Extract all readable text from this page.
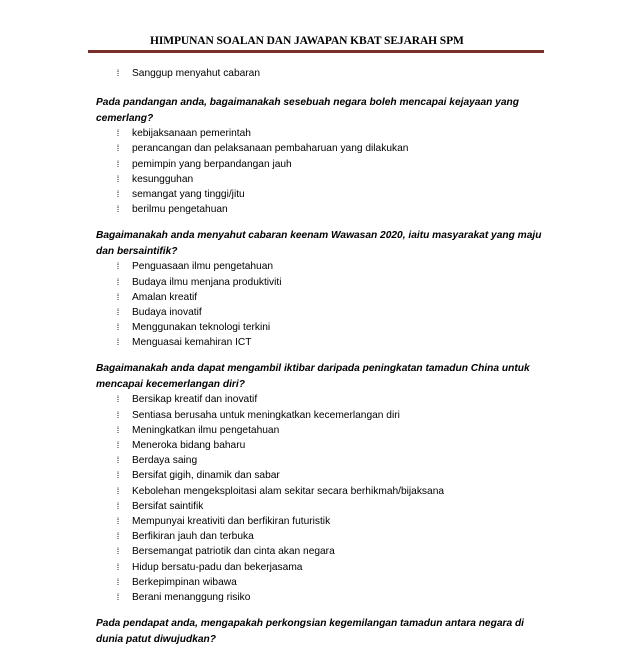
HIMPUNAN SOALAN DAN JAWAPAN KBAT SEJARAH SPM
⁞ Sanggup menyahut cabaran

Pada pandangan anda, bagaimanakah sesebuah negara boleh mencapai kejayaan yang cemerlang?

⁞ kebijaksanaan pemerintah
⁞ perancangan dan pelaksanaan pembaharuan yang dilakukan
⁞ pemimpin yang berpandangan jauh
⁞ kesungguhan
⁞ semangat yang tinggi/jitu
⁞ berilmu pengetahuan

Bagaimanakah anda menyahut cabaran keenam Wawasan 2020, iaitu masyarakat yang maju dan bersaintifik?

⁞ Penguasaan ilmu pengetahuan
⁞ Budaya ilmu menjana produktiviti
⁞ Amalan kreatif
⁞ Budaya inovatif
⁞ Menggunakan teknologi terkini
⁞ Menguasai kemahiran ICT

Bagaimanakah anda dapat mengambil iktibar daripada peningkatan tamadun China untuk mencapai kecemerlangan diri?

⁞ Bersikap kreatif dan inovatif
⁞ Sentiasa berusaha untuk meningkatkan kecemerlangan diri
⁞ Meningkatkan ilmu pengetahuan
⁞ Meneroka bidang baharu
⁞ Berdaya saing
⁞ Bersifat gigih, dinamik dan sabar
⁞ Kebolehan mengeksploitasi alam sekitar secara berhikmah/bijaksana
⁞ Bersifat saintifik
⁞ Mempunyai kreativiti dan berfikiran futuristik
⁞ Berfikiran jauh dan terbuka
⁞ Bersemangat patriotik dan cinta akan negara
⁞ Hidup bersatu-padu dan bekerjasama
⁞ Berkepimpinan wibawa
⁞ Berani menanggung risiko

Pada pendapat anda, mengapakah perkongsian kegemilangan tamadun antara negara di dunia patut diwujudkan?
